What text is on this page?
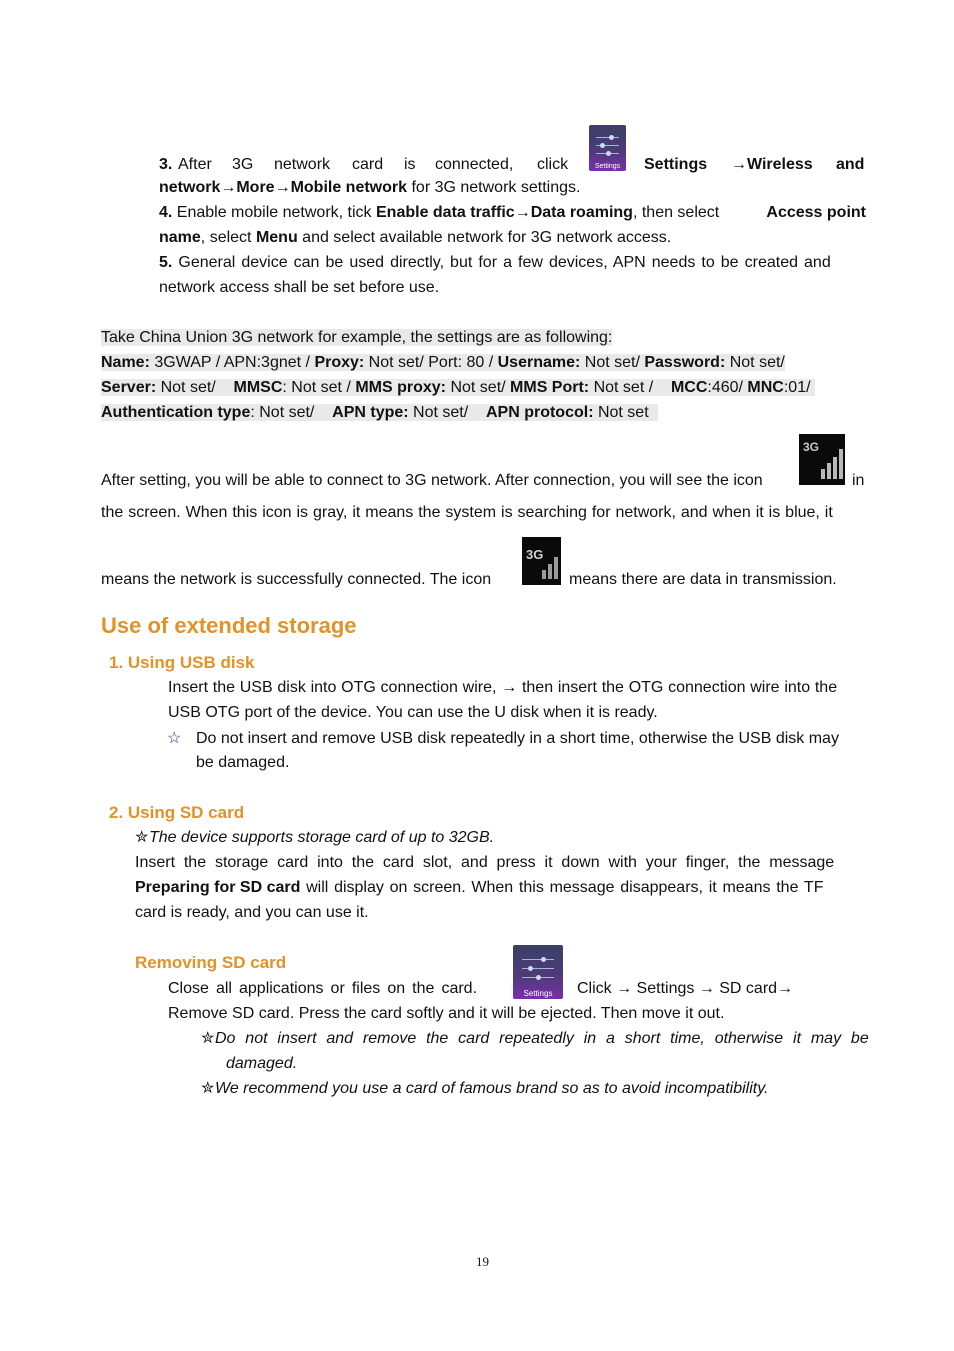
3. After 3G network card is connected, click	Settings →Wireless and
Settings
network→More→Mobile network for 3G network settings.
4. Enable mobile network, tick Enable data traffic→Data roaming, then select	Access point
name, select Menu and select available network for 3G network access.
5. General device can be used directly, but for a few devices, APN needs to be created and
network access shall be set before use.
Take China Union 3G network for example, the settings are as following:
Name: 3GWAP / APN:3gnet / Proxy: Not set/ Port: 80 / Username: Not set/ Password: Not set/
Server: Not set/    MMSC: Not set / MMS proxy: Not set/ MMS Port: Not set /    MCC:460/ MNC:01/
Authentication type: Not set/    APN type: Not set/    APN protocol: Not set
After setting, you will be able to connect to 3G network. After connection, you will see the icon
3G
in
the screen. When this icon is gray, it means the system is searching for network, and when it is blue, it
means the network is successfully connected. The icon
3G
means there are data in transmission.
Use of extended storage
1. Using USB disk
Insert the USB disk into OTG connection wire, → then insert the OTG connection wire into the
USB OTG port of the device. You can use the U disk when it is ready.
☆ Do not insert and remove USB disk repeatedly in a short time, otherwise the USB disk may
be damaged.
2. Using SD card
✮ The device supports storage card of up to 32GB.
Insert the storage card into the card slot, and press it down with your finger, the message
Preparing for SD card will display on screen. When this message disappears, it means the TF
card is ready, and you can use it.
Removing SD card
Close all applications or files on the card.	Settings	Click → Settings → SD card→
Remove SD card. Press the card softly and it will be ejected. Then move it out.
✮ Do not insert and remove the card repeatedly in a short time, otherwise it may be
damaged.
✮ We recommend you use a card of famous brand so as to avoid incompatibility.
19
